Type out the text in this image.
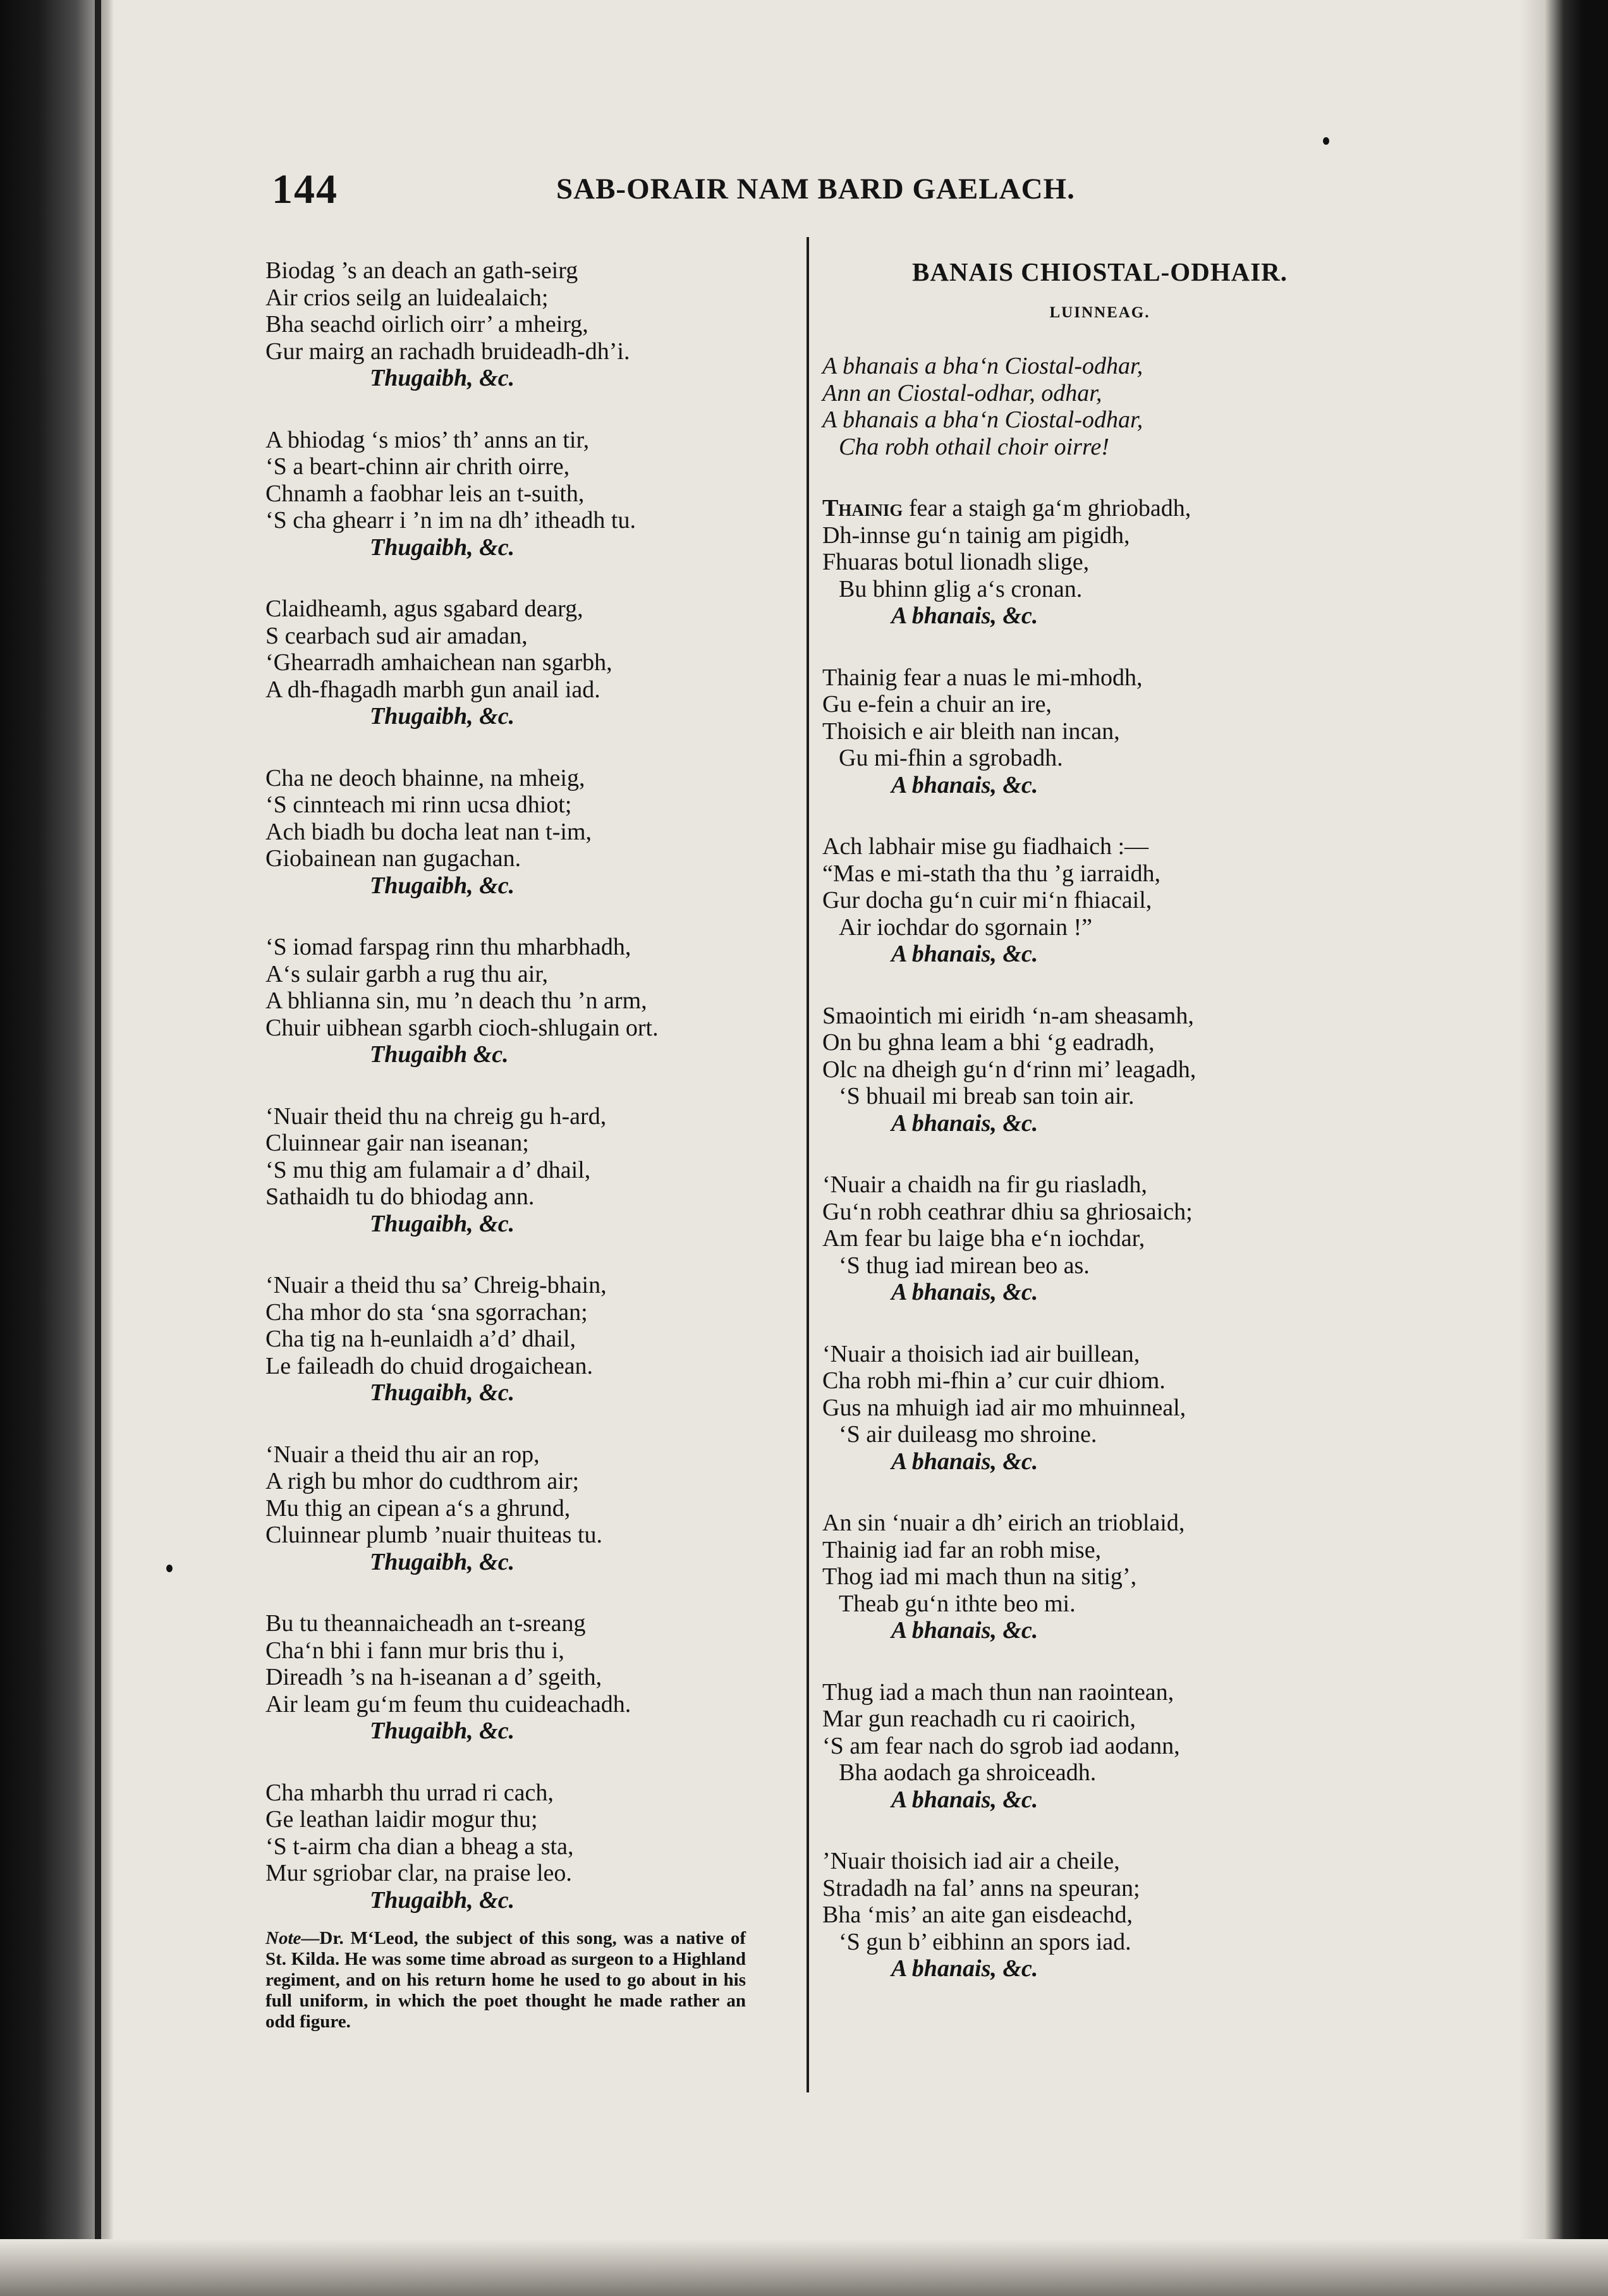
144	SAB-ORAIR NAM BARD GAELACH.
Biodag ’s an deach an gath-seirg
Air crios seilg an luidealaich;
Bha seachd oirlich oirr’ a mheirg,
Gur mairg an rachadh bruideadh-dh’i.
Thugaibh, &c.
A bhiodag ‘s mios’ th’ anns an tir,
‘S a beart-chinn air chrith oirre,
Chnamh a faobhar leis an t-suith,
‘S cha ghearr i ’n im na dh’ itheadh tu.
Thugaibh, &c.
Claidheamh, agus sgabard dearg,
S cearbach sud air amadan,
‘Ghearradh amhaichean nan sgarbh,
A dh-fhagadh marbh gun anail iad.
Thugaibh, &c.
Cha ne deoch bhainne, na mheig,
‘S cinnteach mi rinn ucsa dhiot;
Ach biadh bu docha leat nan t-im,
Giobainean nan gugachan.
Thugaibh, &c.
‘S iomad farspag rinn thu mharbhadh,
A‘s sulair garbh a rug thu air,
A bhlianna sin, mu ’n deach thu ’n arm,
Chuir uibhean sgarbh cioch-shlugain ort.
Thugaibh &c.
‘Nuair theid thu na chreig gu h-ard,
Cluinnear gair nan iseanan;
‘S mu thig am fulamair a d’ dhail,
Sathaidh tu do bhiodag ann.
Thugaibh, &c.
‘Nuair a theid thu sa’ Chreig-bhain,
Cha mhor do sta ‘sna sgorrachan;
Cha tig na h-eunlaidh a’d’ dhail,
Le faileadh do chuid drogaichean.
Thugaibh, &c.
‘Nuair a theid thu air an rop,
A righ bu mhor do cudthrom air;
Mu thig an cipean a‘s a ghrund,
Cluinnear plumb ’nuair thuiteas tu.
Thugaibh, &c.
Bu tu theannaicheadh an t-sreang
Cha‘n bhi i fann mur bris thu i,
Direadh ’s na h-iseanan a d’ sgeith,
Air leam gu‘m feum thu cuideachadh.
Thugaibh, &c.
Cha mharbh thu urrad ri cach,
Ge leathan laidir mogur thu;
‘S t-airm cha dian a bheag a sta,
Mur sgriobar clar, na praise leo.
Thugaibh, &c.
Note—Dr. M‘Leod, the subject of this song, was a native of St. Kilda. He was some time abroad as surgeon to a Highland regiment, and on his return home he used to go about in his full uniform, in which the poet thought he made rather an odd figure.
BANAIS CHIOSTAL-ODHAIR.
LUINNEAG.
A bhanais a bha‘n Ciostal-odhar,
Ann an Ciostal-odhar, odhar,
A bhanais a bha‘n Ciostal-odhar,
Cha robh othail choir oirre!
Thainig fear a staigh ga‘m ghriobadh,
Dh-innse gu‘n tainig am pigidh,
Fhuaras botul lionadh slige,
Bu bhinn glig a‘s cronan.
A bhanais, &c.
Thainig fear a nuas le mi-mhodh,
Gu e-fein a chuir an ire,
Thoisich e air bleith nan incan,
Gu mi-fhin a sgrobadh.
A bhanais, &c.
Ach labhair mise gu fiadhaich :—
“Mas e mi-stath tha thu ’g iarraidh,
Gur docha gu‘n cuir mi‘n fhiacail,
Air iochdar do sgornain !”
A bhanais, &c.
Smaointich mi eiridh ‘n-am sheasamh,
On bu ghna leam a bhi ‘g eadradh,
Olc na dheigh gu‘n d‘rinn mi’ leagadh,
‘S bhuail mi breab san toin air.
A bhanais, &c.
‘Nuair a chaidh na fir gu riasladh,
Gu‘n robh ceathrar dhiu sa ghriosaich;
Am fear bu laige bha e‘n iochdar,
‘S thug iad mirean beo as.
A bhanais, &c.
‘Nuair a thoisich iad air buillean,
Cha robh mi-fhin a’ cur cuir dhiom.
Gus na mhuigh iad air mo mhuinneal,
‘S air duileasg mo shroine.
A bhanais, &c.
An sin ‘nuair a dh’ eirich an trioblaid,
Thainig iad far an robh mise,
Thog iad mi mach thun na sitig’,
Theab gu‘n ithte beo mi.
A bhanais, &c.
Thug iad a mach thun nan raointean,
Mar gun reachadh cu ri caoirich,
‘S am fear nach do sgrob iad aodann,
Bha aodach ga shroiceadh.
A bhanais, &c.
’Nuair thoisich iad air a cheile,
Stradadh na fal’ anns na speuran;
Bha ‘mis’ an aite gan eisdeachd,
‘S gun b’ eibhinn an spors iad.
A bhanais, &c.
